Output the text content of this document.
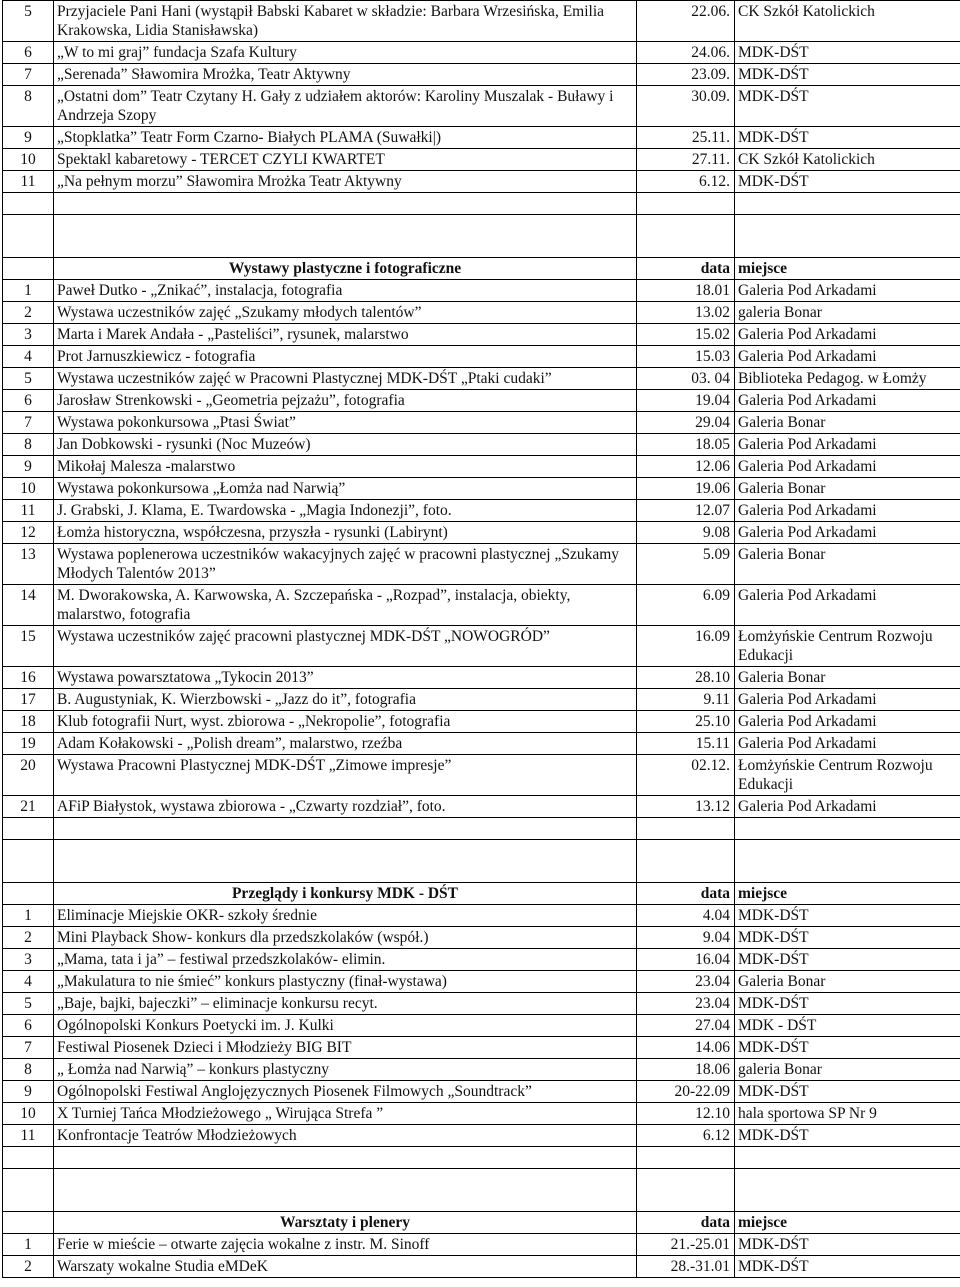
5	Przyjaciele Pani Hani (wystąpił Babski Kabaret w składzie: Barbara Wrzesińska, Emilia Krakowska, Lidia Stanisławska)	22.06.	CK Szkół Katolickich
6	„W to mi graj” fundacja Szafa Kultury	24.06.	MDK-DŚT
7	„Serenada” Sławomira Mrożka, Teatr Aktywny	23.09.	MDK-DŚT
8	„Ostatni dom” Teatr Czytany H. Gały z udziałem aktorów: Karoliny Muszalak - Buławy i Andrzeja Szopy	30.09.	MDK-DŚT
9	„Stopklatka” Teatr Form Czarno- Białych PLAMA (Suwałki|)	25.11.	MDK-DŚT
10	Spektakl kabaretowy - TERCET CZYLI KWARTET	27.11.	CK Szkół Katolickich
11	„Na pełnym morzu” Sławomira Mrożka Teatr Aktywny	6.12.	MDK-DŚT

	Wystawy plastyczne i fotograficzne	data	miejsce
1	Paweł Dutko - „Znikać”, instalacja, fotografia	18.01	Galeria Pod Arkadami
2	Wystawa uczestników zajęć „Szukamy młodych talentów”	13.02	galeria Bonar
3	Marta i Marek Andała - „Pasteliści”, rysunek, malarstwo	15.02	Galeria Pod Arkadami
4	Prot Jarnuszkiewicz - fotografia	15.03	Galeria Pod Arkadami
5	Wystawa uczestników zajęć w Pracowni Plastycznej MDK-DŚT „Ptaki cudaki”	03. 04	Biblioteka Pedagog. w Łomży
6	Jarosław Strenkowski - „Geometria pejzażu”, fotografia	19.04	Galeria Pod Arkadami
7	Wystawa pokonkursowa „Ptasi Świat”	29.04	Galeria Bonar
8	Jan Dobkowski - rysunki (Noc Muzeów)	18.05	Galeria Pod Arkadami
9	Mikołaj Malesza -malarstwo	12.06	Galeria Pod Arkadami
10	Wystawa pokonkursowa „Łomża nad Narwią”	19.06	Galeria Bonar
11	J. Grabski, J. Klama, E. Twardowska - „Magia Indonezji”, foto.	12.07	Galeria Pod Arkadami
12	Łomża historyczna, współczesna, przyszła - rysunki (Labirynt)	9.08	Galeria Pod Arkadami
13	Wystawa poplenerowa uczestników wakacyjnych zajęć w pracowni plastycznej „Szukamy Młodych Talentów 2013”	5.09	Galeria Bonar
14	M. Dworakowska, A. Karwowska, A. Szczepańska - „Rozpad”, instalacja, obiekty, malarstwo, fotografia	6.09	Galeria Pod Arkadami
15	Wystawa uczestników zajęć pracowni plastycznej MDK-DŚT „NOWOGRÓD”	16.09	Łomżyńskie Centrum Rozwoju Edukacji
16	Wystawa powarsztatowa „Tykocin 2013”	28.10	Galeria Bonar
17	B. Augustyniak, K. Wierzbowski - „Jazz do it”, fotografia	9.11	Galeria Pod Arkadami
18	Klub fotografii Nurt, wyst. zbiorowa - „Nekropolie”, fotografia	25.10	Galeria Pod Arkadami
19	Adam Kołakowski - „Polish dream”, malarstwo, rzeźba	15.11	Galeria Pod Arkadami
20	Wystawa Pracowni Plastycznej MDK-DŚT „Zimowe impresje”	02.12.	Łomżyńskie Centrum Rozwoju Edukacji
21	AFiP Białystok, wystawa zbiorowa - „Czwarty rozdział”, foto.	13.12	Galeria Pod Arkadami

	Przeglądy i konkursy MDK - DŚT	data	miejsce
1	Eliminacje Miejskie OKR- szkoły średnie	4.04	MDK-DŚT
2	Mini Playback Show- konkurs dla przedszkolaków (współ.)	9.04	MDK-DŚT
3	„Mama, tata i ja” – festiwal przedszkolaków- elimin.	16.04	MDK-DŚT
4	„Makulatura to nie śmieć” konkurs plastyczny (finał-wystawa)	23.04	Galeria Bonar
5	„Baje, bajki, bajeczki” – eliminacje konkursu recyt.	23.04	MDK-DŚT
6	Ogólnopolski Konkurs Poetycki im. J. Kulki	27.04	MDK - DŚT
7	Festiwal Piosenek Dzieci i Młodzieży BIG BIT	14.06	MDK-DŚT
8	„ Łomża nad Narwią” – konkurs plastyczny	18.06	galeria Bonar
9	Ogólnopolski Festiwal Anglojęzycznych Piosenek Filmowych „Soundtrack”	20-22.09	MDK-DŚT
10	X Turniej Tańca Młodzieżowego „ Wirująca Strefa ”	12.10	hala sportowa SP Nr 9
11	Konfrontacje Teatrów Młodzieżowych	6.12	MDK-DŚT

	Warsztaty i plenery	data	miejsce
1	Ferie w mieście – otwarte zajęcia wokalne z instr. M. Sinoff	21.-25.01	MDK-DŚT
2	Warszaty wokalne Studia eMDeK	28.-31.01	MDK-DŚT
